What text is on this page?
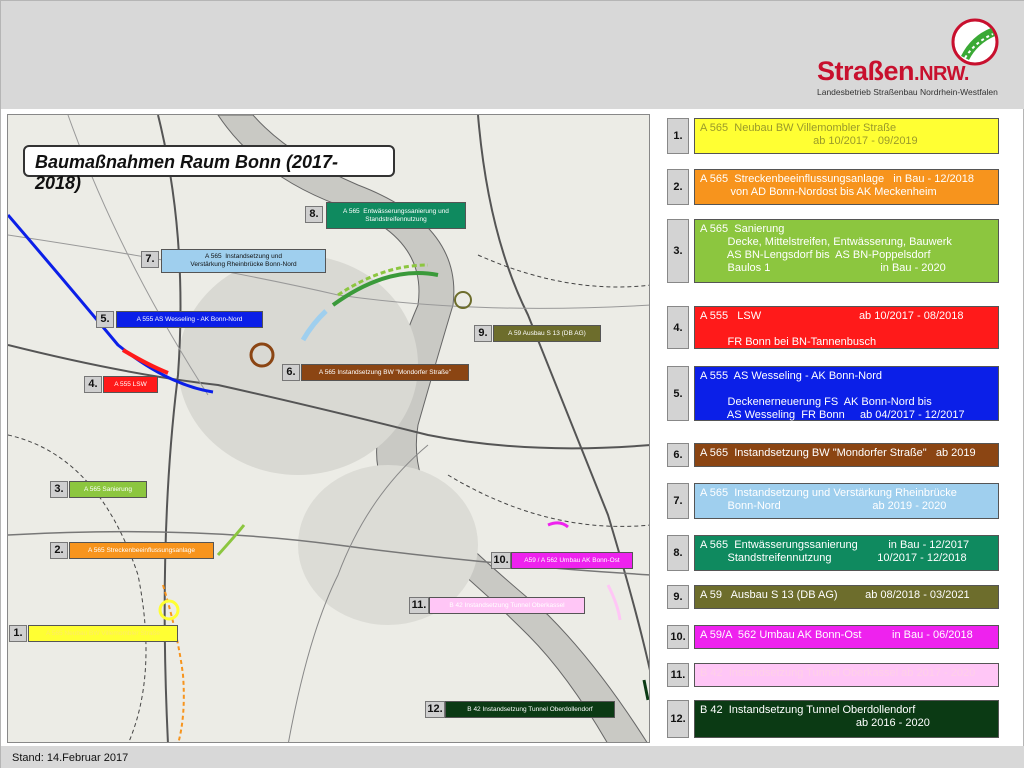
Straßen.NRW.
Landesbetrieb Straßenbau Nordrhein-Westfalen
Baumaßnahmen Raum Bonn (2017-2018)
8.	A 565  Entwässerungssanierung und
Standstreifennutzung
7.	A 565  Instandsetzung und
Verstärkung Rheinbrücke Bonn-Nord
5.	A 555 AS Wesseling - AK Bonn-Nord
9.	A 59 Ausbau S 13 (DB AG)
6.	A 565 Instandsetzung BW "Mondorfer Straße"
4.	A 555 LSW
3.	A 565 Sanierung
2.	A 565 Streckenbeeinflussungsanlage
10.	A59 / A 562 Umbau AK Bonn-Ost
11.	B 42 Instandsetzung Tunnel Oberkassel
1.	A 565 Neubau BW Villemombler Straße
12.	B 42 Instandsetzung Tunnel Oberdollendorf
1.
A 565  Neubau BW Villemombler Straße
ab 10/2017 - 09/2019
2.
A 565  Streckenbeeinflussungsanlage   in Bau - 12/2018
von AD Bonn-Nordost bis AK Meckenheim
3.
A 565  Sanierung
Decke, Mittelstreifen, Entwässerung, Bauwerk
AS BN-Lengsdorf bis  AS BN-Poppelsdorf
Baulos 1                                    in Bau - 2020
4.
A 555   LSW                                ab 10/2017 - 08/2018

FR Bonn bei BN-Tannenbusch
5.
A 555  AS Wesseling - AK Bonn-Nord

Deckenerneuerung FS  AK Bonn-Nord bis
AS Wesseling  FR Bonn     ab 04/2017 - 12/2017
6.	A 565  Instandsetzung BW "Mondorfer Straße"   ab 2019
7.
A 565  Instandsetzung und Verstärkung Rheinbrücke
Bonn-Nord                              ab 2019 - 2020
8.
A 565  Entwässerungssanierung          in Bau - 12/2017
Standstreifennutzung               10/2017 - 12/2018
9.	A 59   Ausbau S 13 (DB AG)         ab 08/2018 - 03/2021
10.	A 59/A  562 Umbau AK Bonn-Ost          in Bau - 06/2018
11.	B 42  Instandsetzung Tunnel Oberkassel ab 2017 - 2020
12.
B 42  Instandsetzung Tunnel Oberdollendorf
ab 2016 - 2020
Stand: 14.Februar 2017
